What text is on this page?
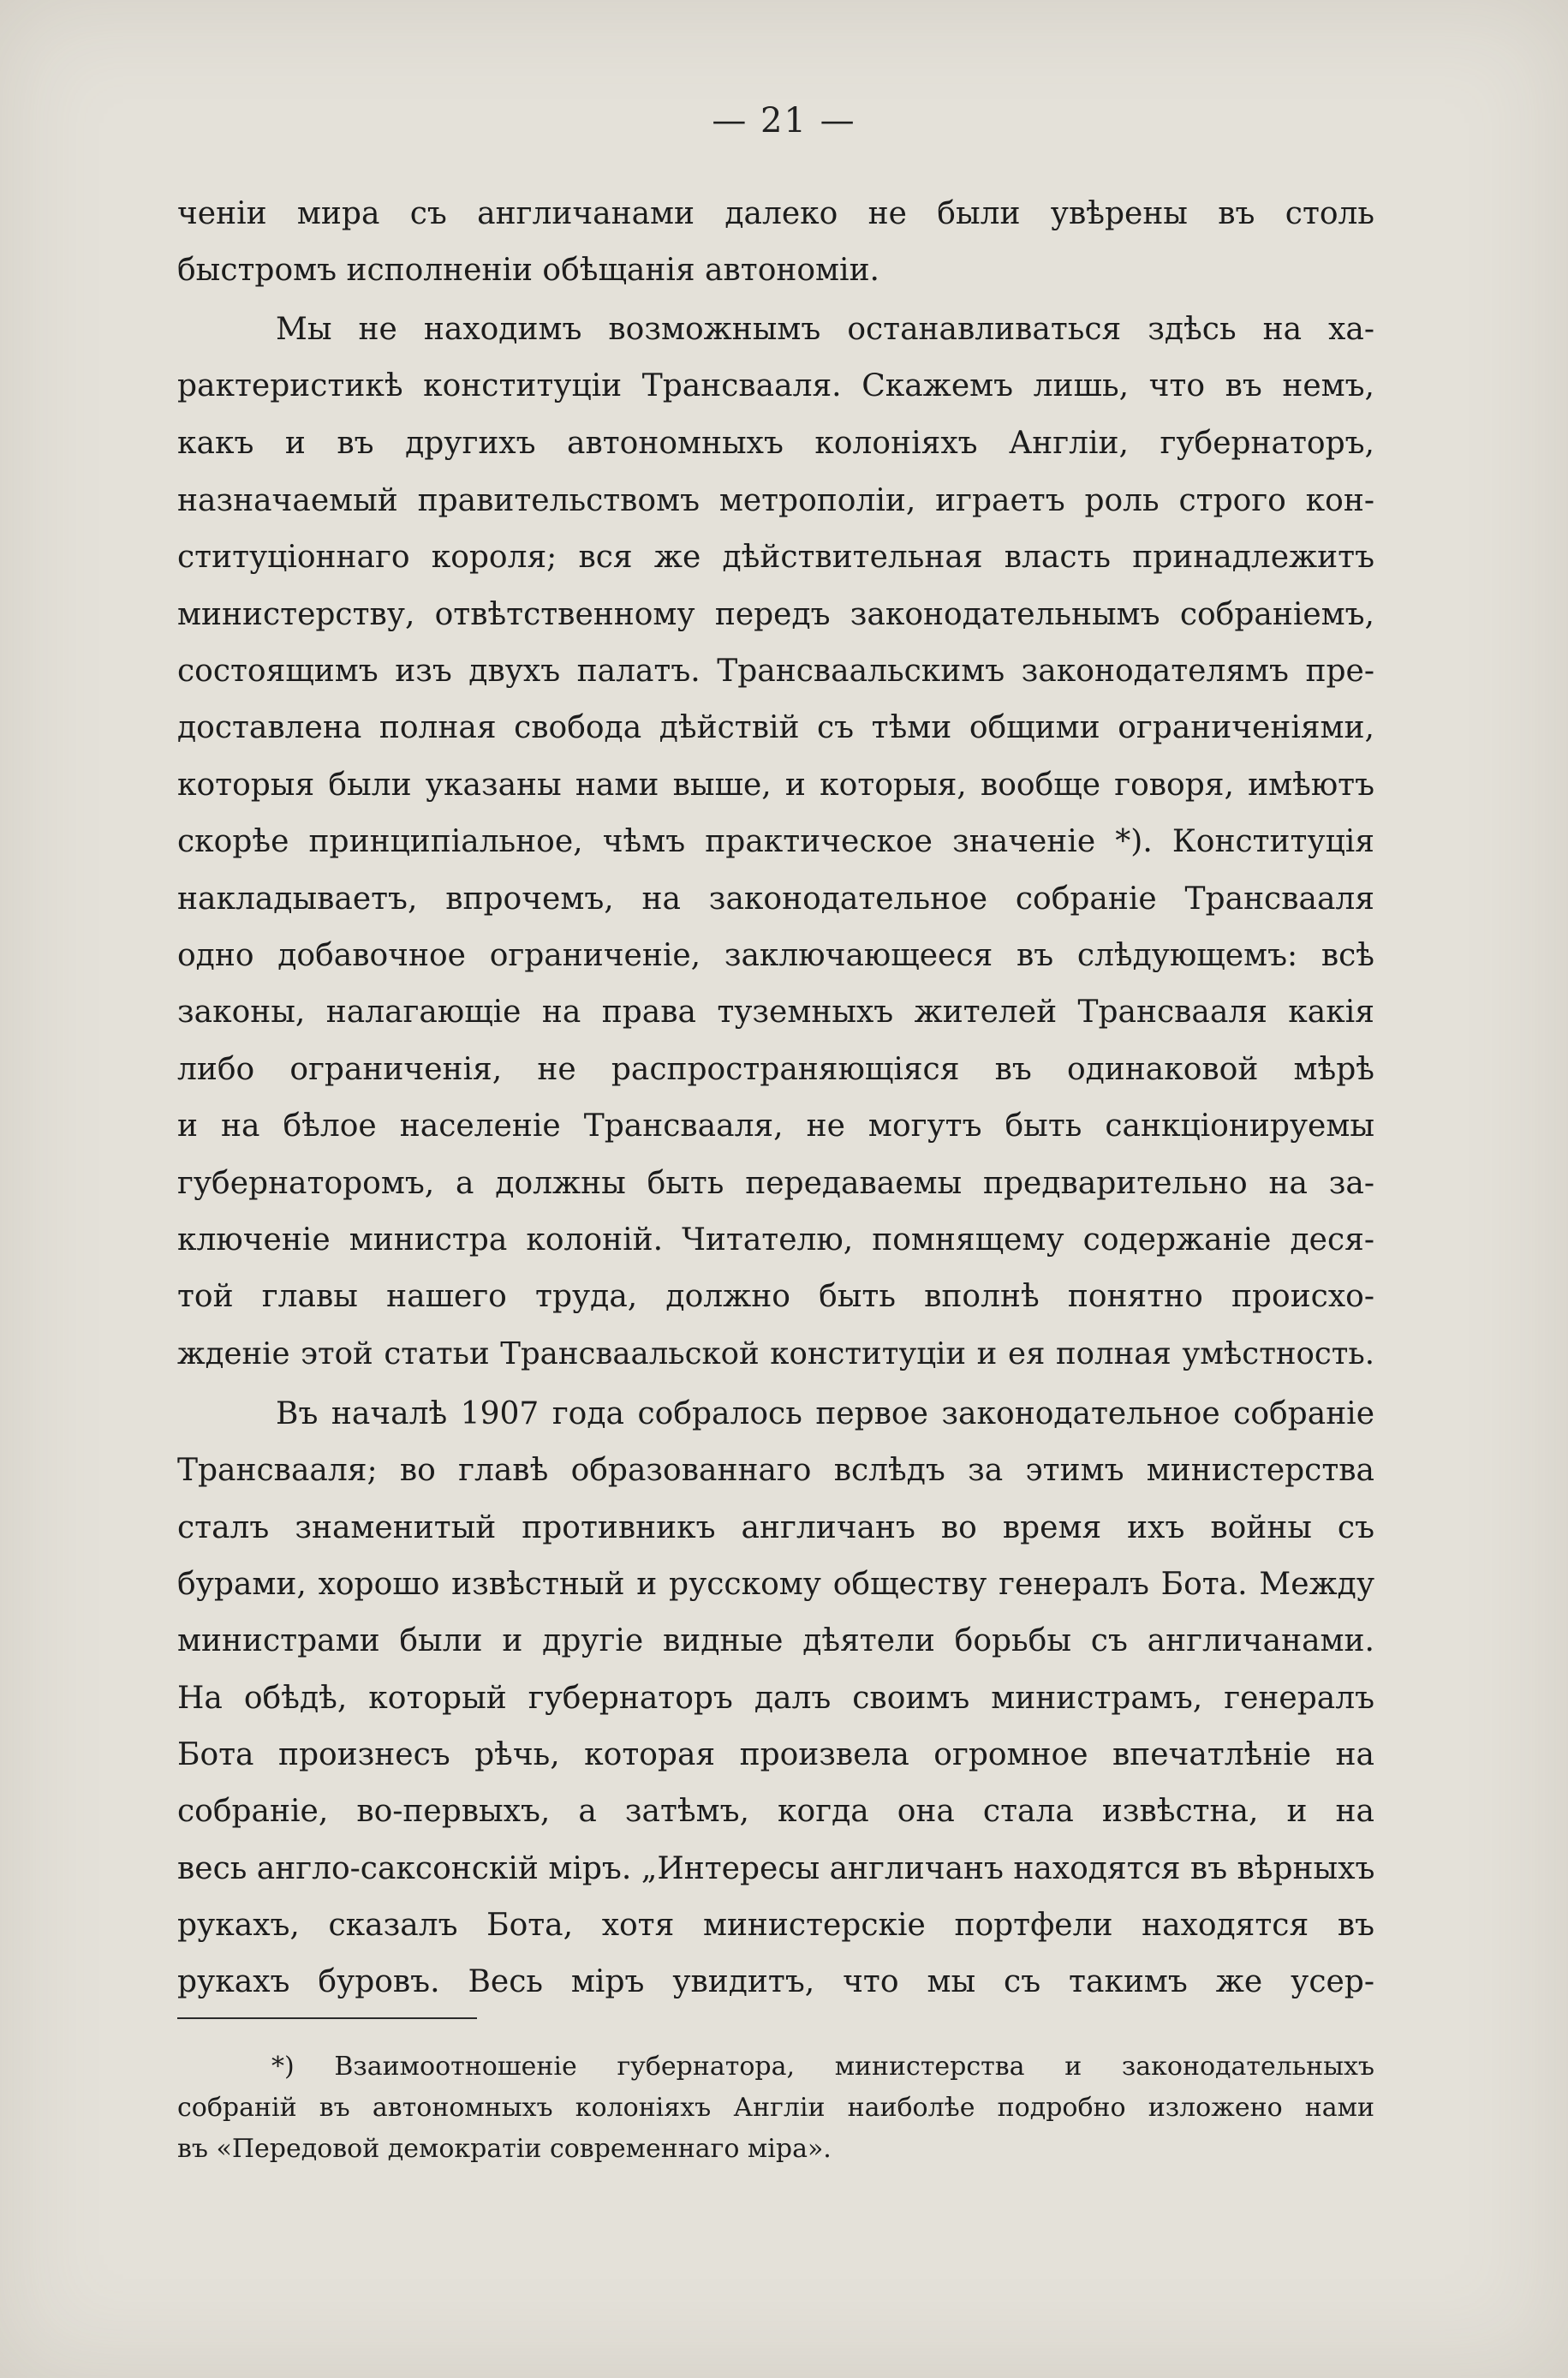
— 21 —
ченіи мира съ англичанами далеко не были увѣрены въ столь
быстромъ исполненіи обѣщанія автономіи.
Мы не находимъ возможнымъ останавливаться здѣсь на ха-
рактеристикѣ конституціи Трансвааля. Скажемъ лишь, что въ немъ,
какъ и въ другихъ автономныхъ колоніяхъ Англіи, губернаторъ,
назначаемый правительствомъ метрополіи, играетъ роль строго кон-
ституціоннаго короля; вся же дѣйствительная власть принадлежитъ
министерству, отвѣтственному передъ законодательнымъ собраніемъ,
состоящимъ изъ двухъ палатъ. Трансваальскимъ законодателямъ пре-
доставлена полная свобода дѣйствій съ тѣми общими ограниченіями,
которыя были указаны нами выше, и которыя, вообще говоря, имѣютъ
скорѣе принципіальное, чѣмъ практическое значеніе *). Конституція
накладываетъ, впрочемъ, на законодательное собраніе Трансвааля
одно добавочное ограниченіе, заключающееся въ слѣдующемъ: всѣ
законы, налагающіе на права туземныхъ жителей Трансвааля какія
либо ограниченія, не распространяющіяся въ одинаковой мѣрѣ
и на бѣлое населеніе Трансвааля, не могутъ быть санкціонируемы
губернаторомъ, а должны быть передаваемы предварительно на за-
ключеніе министра колоній. Читателю, помнящему содержаніе деся-
той главы нашего труда, должно быть вполнѣ понятно происхо-
жденіе этой статьи Трансваальской конституціи и ея полная умѣстность.
Въ началѣ 1907 года собралось первое законодательное собраніе
Трансвааля; во главѣ образованнаго вслѣдъ за этимъ министерства
сталъ знаменитый противникъ англичанъ во время ихъ войны съ
бурами, хорошо извѣстный и русскому обществу генералъ Бота. Между
министрами были и другіе видные дѣятели борьбы съ англичанами.
На обѣдѣ, который губернаторъ далъ своимъ министрамъ, генералъ
Бота произнесъ рѣчь, которая произвела огромное впечатлѣніе на
собраніе, во-первыхъ, а затѣмъ, когда она стала извѣстна, и на
весь англо-саксонскій міръ. „Интересы англичанъ находятся въ вѣрныхъ
рукахъ, сказалъ Бота, хотя министерскіе портфели находятся въ
рукахъ буровъ. Весь міръ увидитъ, что мы съ такимъ же усер-
*) Взаимоотношеніе губернатора, министерства и законодательныхъ
собраній въ автономныхъ колоніяхъ Англіи наиболѣе подробно изложено нами
въ «Передовой демократіи современнаго міра».
